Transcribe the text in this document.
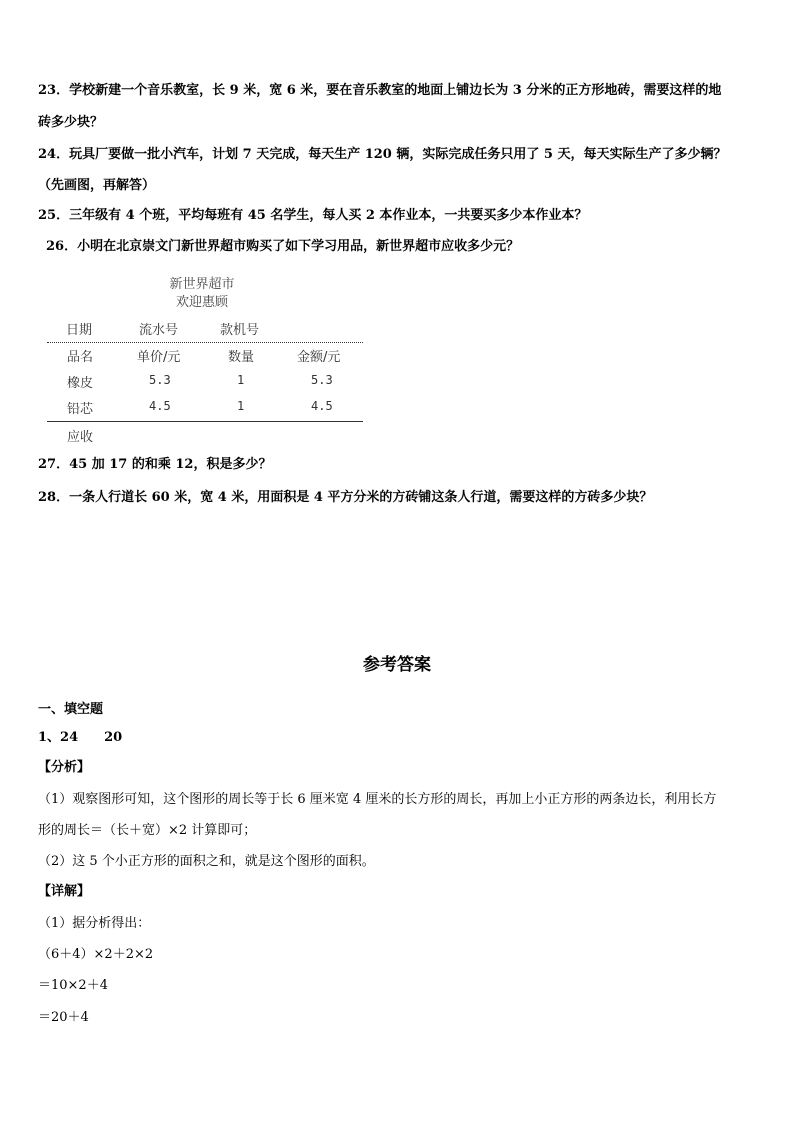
23．学校新建一个音乐教室，长 9 米，宽 6 米，要在音乐教室的地面上铺边长为 3 分米的正方形地砖，需要这样的地
砖多少块？
24．玩具厂要做一批小汽车，计划 7 天完成，每天生产 120 辆，实际完成任务只用了 5 天，每天实际生产了多少辆？
（先画图，再解答）
25．三年级有 4 个班，平均每班有 45 名学生，每人买 2 本作业本，一共要买多少本作业本？
26．小明在北京崇文门新世界超市购买了如下学习用品，新世界超市应收多少元？
新世界超市
欢迎惠顾
日期	流水号	款机号
品名	单价/元	数量	金额/元
橡皮	5.3	1	5.3
铅芯	4.5	1	4.5
应收
27．45 加 17 的和乘 12，积是多少？
28．一条人行道长 60 米，宽 4 米，用面积是 4 平方分米的方砖铺这条人行道，需要这样的方砖多少块？
参考答案
一、填空题
1、24　　20
【分析】
（1）观察图形可知，这个图形的周长等于长 6 厘米宽 4 厘米的长方形的周长，再加上小正方形的两条边长，利用长方
形的周长＝（长＋宽）×2 计算即可；
（2）这 5 个小正方形的面积之和，就是这个图形的面积。
【详解】
（1）据分析得出：
（6＋4）×2＋2×2
＝10×2＋4
＝20＋4
